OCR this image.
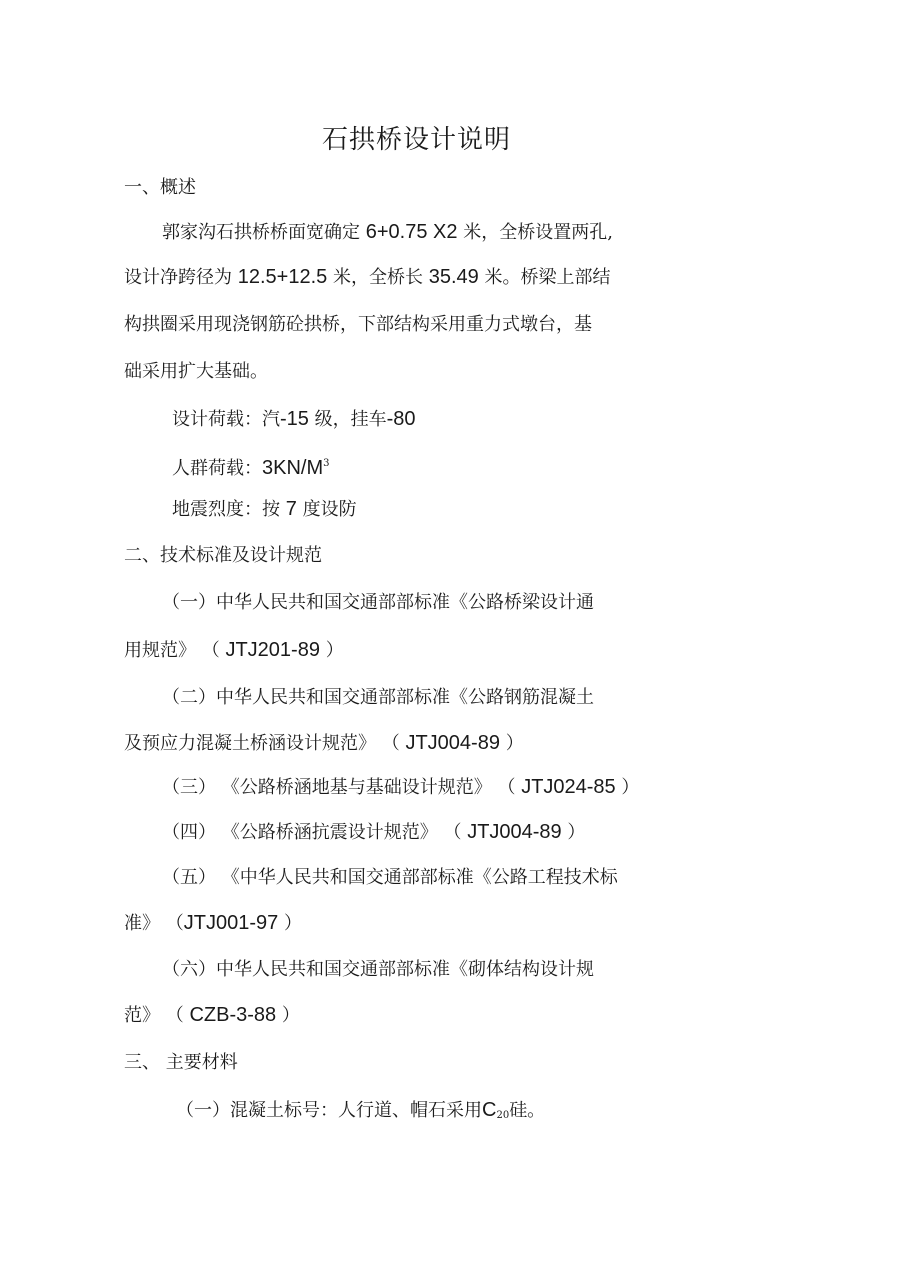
石拱桥设计说明
一、概述
郭家沟石拱桥桥面宽确定 6+0.75 X2 米，全桥设置两孔,
设计净跨径为 12.5+12.5 米，全桥长 35.49 米。桥梁上部结
构拱圈采用现浇钢筋砼拱桥，下部结构采用重力式墩台，基
础采用扩大基础。
设计荷载：汽-15 级，挂车-80
人群荷载：$3KN/M^3$
地震烈度：按 7 度设防
二、技术标准及设计规范
（一）中华人民共和国交通部部标准《公路桥梁设计通
用规范》 （ JTJ201-89 ）
（二）中华人民共和国交通部部标准《公路钢筋混凝土
及预应力混凝土桥涵设计规范》 （ JTJ004-89 ）
（三） 《公路桥涵地基与基础设计规范》 （ JTJ024-85 ）
（四） 《公路桥涵抗震设计规范》 （ JTJ004-89 ）
（五） 《中华人民共和国交通部部标准《公路工程技术标
准》 （JTJ001-97 ）
（六）中华人民共和国交通部部标准《砌体结构设计规
范》 （ CZB-3-88 ）
三、 主要材料
（一）混凝土标号：人行道、帽石采用$C_{20}$硅。
